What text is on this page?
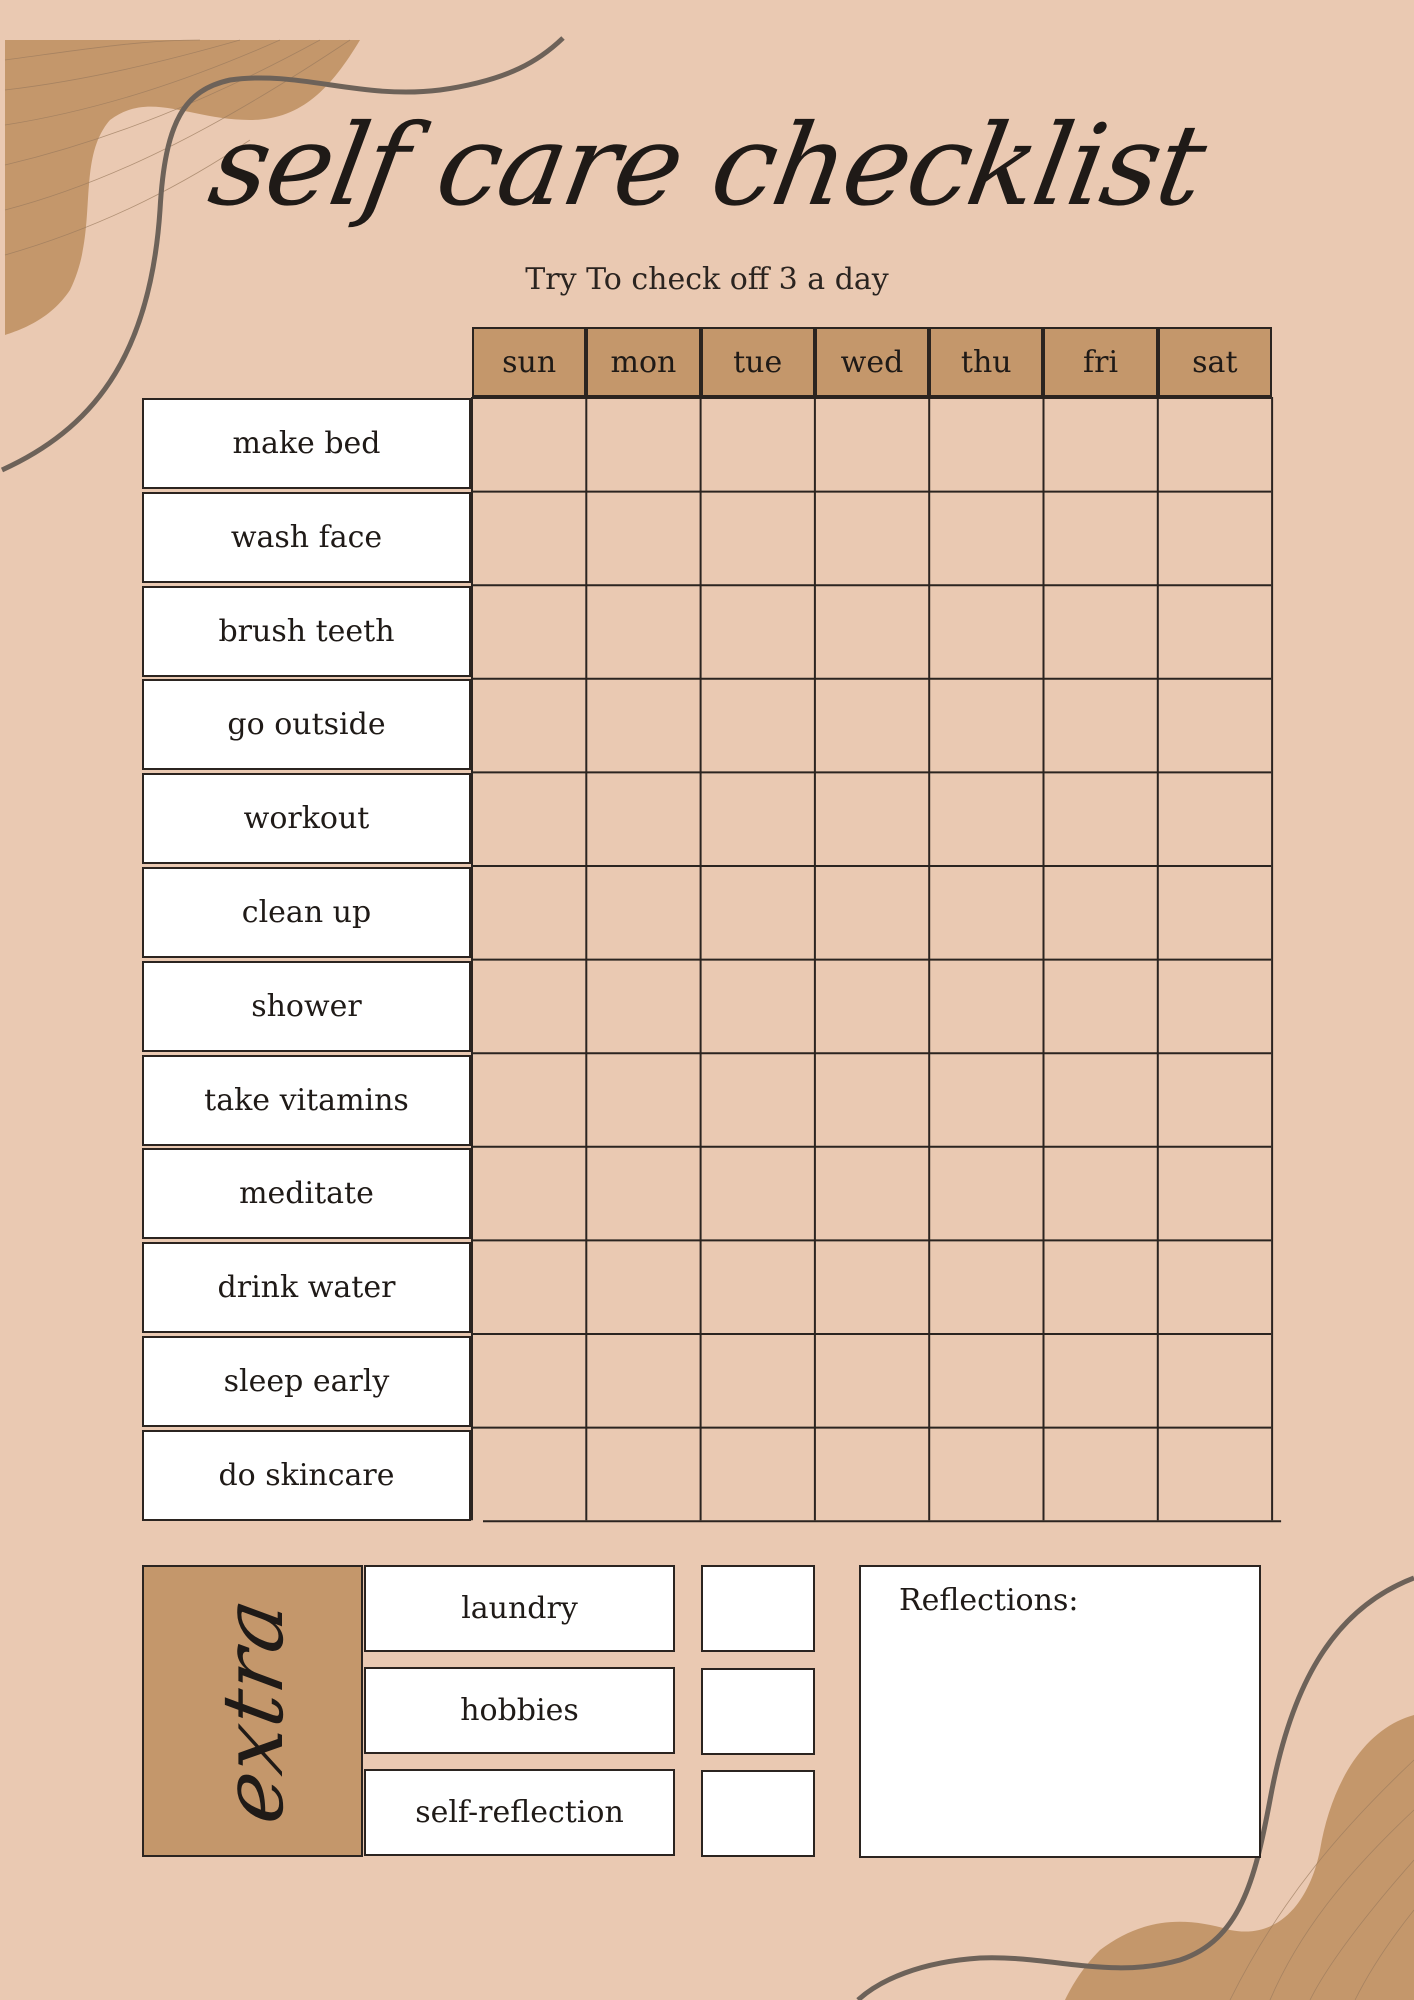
self care checklist
Try To check off 3 a day
sun	mon	tue	wed	thu	fri	sat
make bed
wash face
brush teeth
go outside
workout
clean up
shower
take vitamins
meditate
drink water
sleep early
do skincare
extra	laundry
hobbies
self-reflection
Reflections:
